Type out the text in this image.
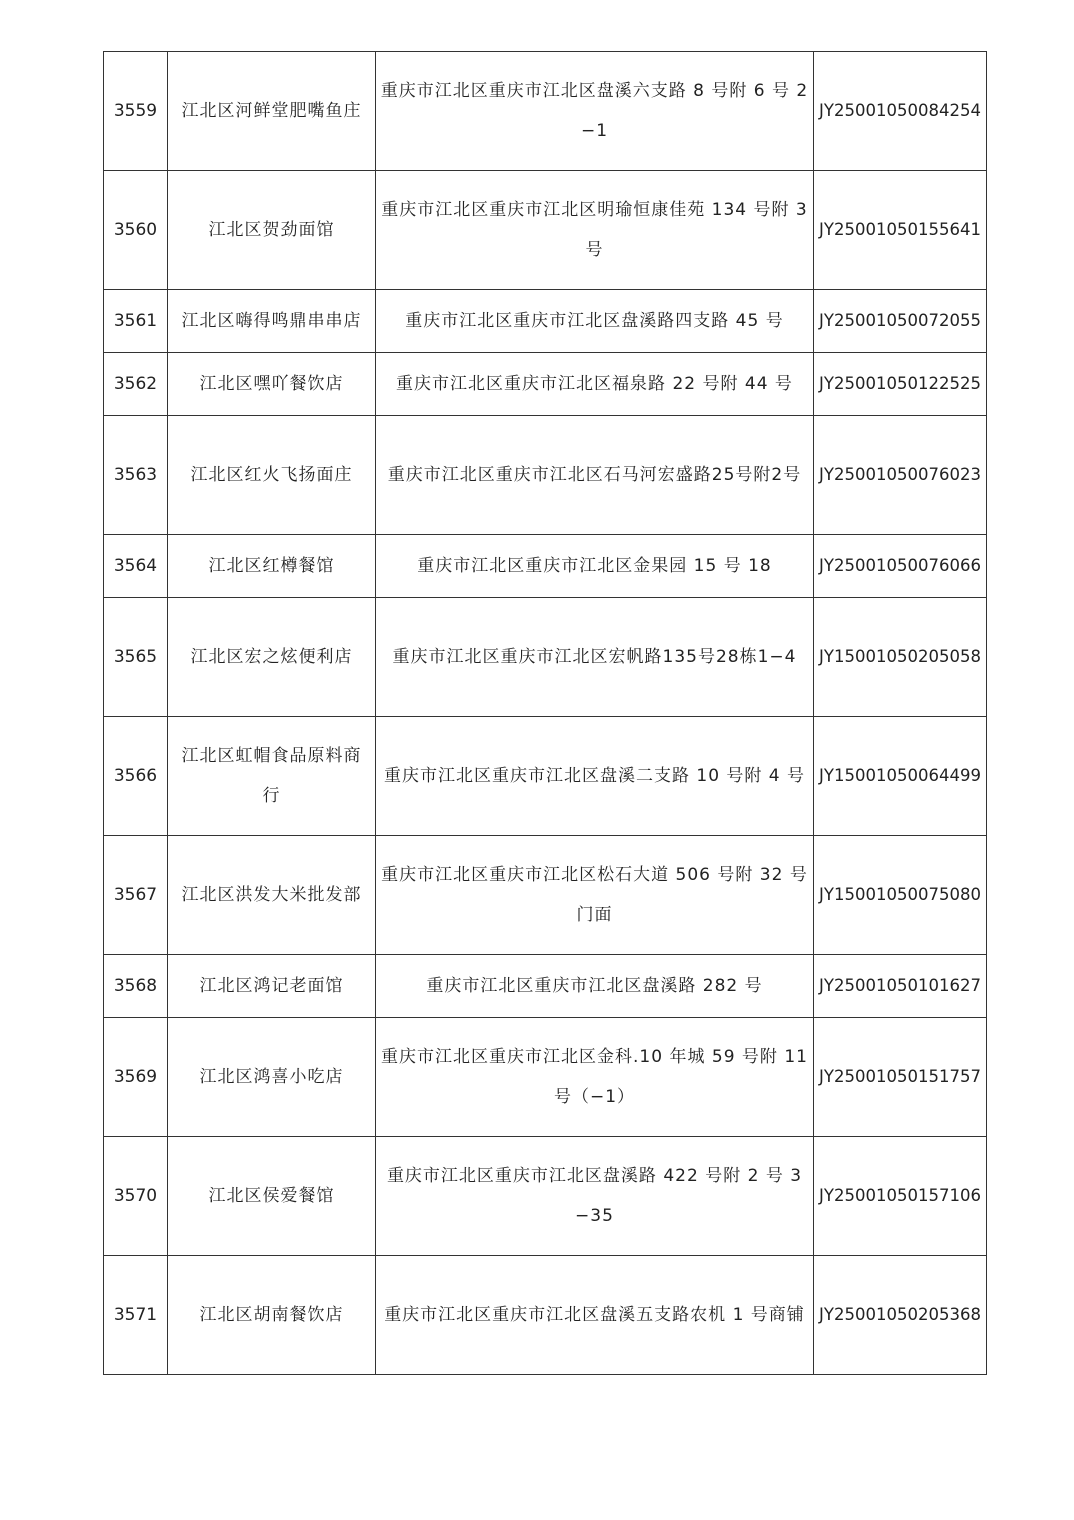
3559	江北区河鲜堂肥嘴鱼庄	重庆市江北区重庆市江北区盘溪六支路 8 号附 6 号 2−1	JY25001050084254
3560	江北区贺劲面馆	重庆市江北区重庆市江北区明瑜恒康佳苑 134 号附 3 号	JY25001050155641
3561	江北区嗨得鸣鼎串串店	重庆市江北区重庆市江北区盘溪路四支路 45 号	JY25001050072055
3562	江北区嘿吖餐饮店	重庆市江北区重庆市江北区福泉路 22 号附 44 号	JY25001050122525
3563	江北区红火飞扬面庄	重庆市江北区重庆市江北区石马河宏盛路25号附2号	JY25001050076023
3564	江北区红樽餐馆	重庆市江北区重庆市江北区金果园 15 号 18	JY25001050076066
3565	江北区宏之炫便利店	重庆市江北区重庆市江北区宏帆路135号28栋1−4	JY15001050205058
3566	江北区虹帽食品原料商行	重庆市江北区重庆市江北区盘溪二支路 10 号附 4 号	JY15001050064499
3567	江北区洪发大米批发部	重庆市江北区重庆市江北区松石大道 506 号附 32 号门面	JY15001050075080
3568	江北区鸿记老面馆	重庆市江北区重庆市江北区盘溪路 282 号	JY25001050101627
3569	江北区鸿喜小吃店	重庆市江北区重庆市江北区金科.10 年城 59 号附 11 号（−1）	JY25001050151757
3570	江北区侯爱餐馆	重庆市江北区重庆市江北区盘溪路 422 号附 2 号 3−35	JY25001050157106
3571	江北区胡南餐饮店	重庆市江北区重庆市江北区盘溪五支路农机 1 号商铺	JY25001050205368
